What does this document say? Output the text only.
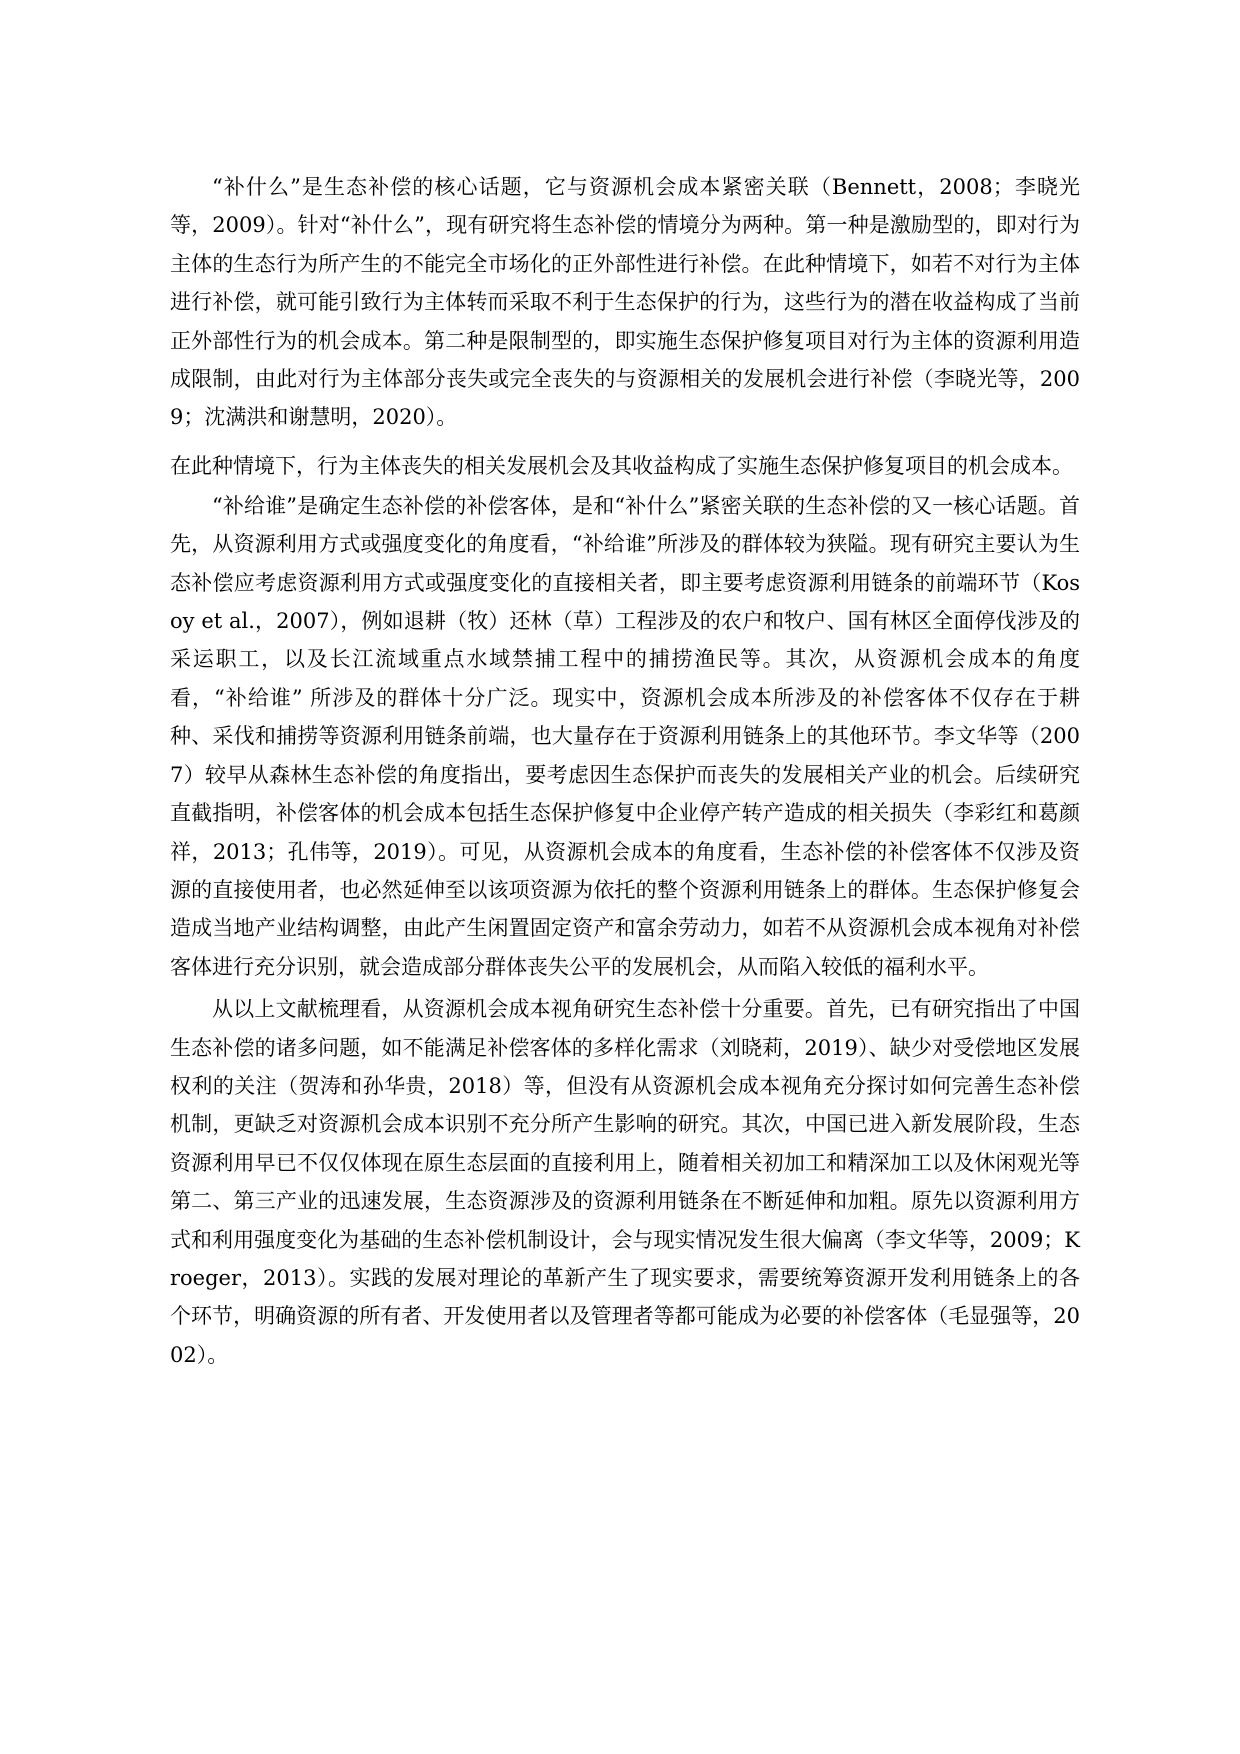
“补什么”是生态补偿的核心话题，它与资源机会成本紧密关联（Bennett，2008；李晓光等，2009）。针对“补什么”，现有研究将生态补偿的情境分为两种。第一种是激励型的，即对行为主体的生态行为所产生的不能完全市场化的正外部性进行补偿。在此种情境下，如若不对行为主体进行补偿，就可能引致行为主体转而采取不利于生态保护的行为，这些行为的潜在收益构成了当前正外部性行为的机会成本。第二种是限制型的，即实施生态保护修复项目对行为主体的资源利用造成限制，由此对行为主体部分丧失或完全丧失的与资源相关的发展机会进行补偿（李晓光等，2009；沈满洪和谢慧明，2020）。

在此种情境下，行为主体丧失的相关发展机会及其收益构成了实施生态保护修复项目的机会成本。

“补给谁”是确定生态补偿的补偿客体，是和“补什么”紧密关联的生态补偿的又一核心话题。首先，从资源利用方式或强度变化的角度看，“补给谁”所涉及的群体较为狭隘。现有研究主要认为生态补偿应考虑资源利用方式或强度变化的直接相关者，即主要考虑资源利用链条的前端环节（Kosoy et al.，2007），例如退耕（牧）还林（草）工程涉及的农户和牧户、国有林区全面停伐涉及的采运职工，以及长江流域重点水域禁捕工程中的捕捞渔民等。其次，从资源机会成本的角度看，“补给谁” 所涉及的群体十分广泛。现实中，资源机会成本所涉及的补偿客体不仅存在于耕种、采伐和捕捞等资源利用链条前端，也大量存在于资源利用链条上的其他环节。李文华等（2007）较早从森林生态补偿的角度指出，要考虑因生态保护而丧失的发展相关产业的机会。后续研究直截指明，补偿客体的机会成本包括生态保护修复中企业停产转产造成的相关损失（李彩红和葛颜祥，2013；孔伟等，2019）。可见，从资源机会成本的角度看，生态补偿的补偿客体不仅涉及资源的直接使用者，也必然延伸至以该项资源为依托的整个资源利用链条上的群体。生态保护修复会造成当地产业结构调整，由此产生闲置固定资产和富余劳动力，如若不从资源机会成本视角对补偿客体进行充分识别，就会造成部分群体丧失公平的发展机会，从而陷入较低的福利水平。

从以上文献梳理看，从资源机会成本视角研究生态补偿十分重要。首先，已有研究指出了中国生态补偿的诸多问题，如不能满足补偿客体的多样化需求（刘晓莉，2019）、缺少对受偿地区发展权利的关注（贺涛和孙华贵，2018）等，但没有从资源机会成本视角充分探讨如何完善生态补偿机制，更缺乏对资源机会成本识别不充分所产生影响的研究。其次，中国已进入新发展阶段，生态资源利用早已不仅仅体现在原生态层面的直接利用上，随着相关初加工和精深加工以及休闲观光等第二、第三产业的迅速发展，生态资源涉及的资源利用链条在不断延伸和加粗。原先以资源利用方式和利用强度变化为基础的生态补偿机制设计，会与现实情况发生很大偏离（李文华等，2009；Kroeger，2013）。实践的发展对理论的革新产生了现实要求，需要统筹资源开发利用链条上的各个环节，明确资源的所有者、开发使用者以及管理者等都可能成为必要的补偿客体（毛显强等，2002）。
